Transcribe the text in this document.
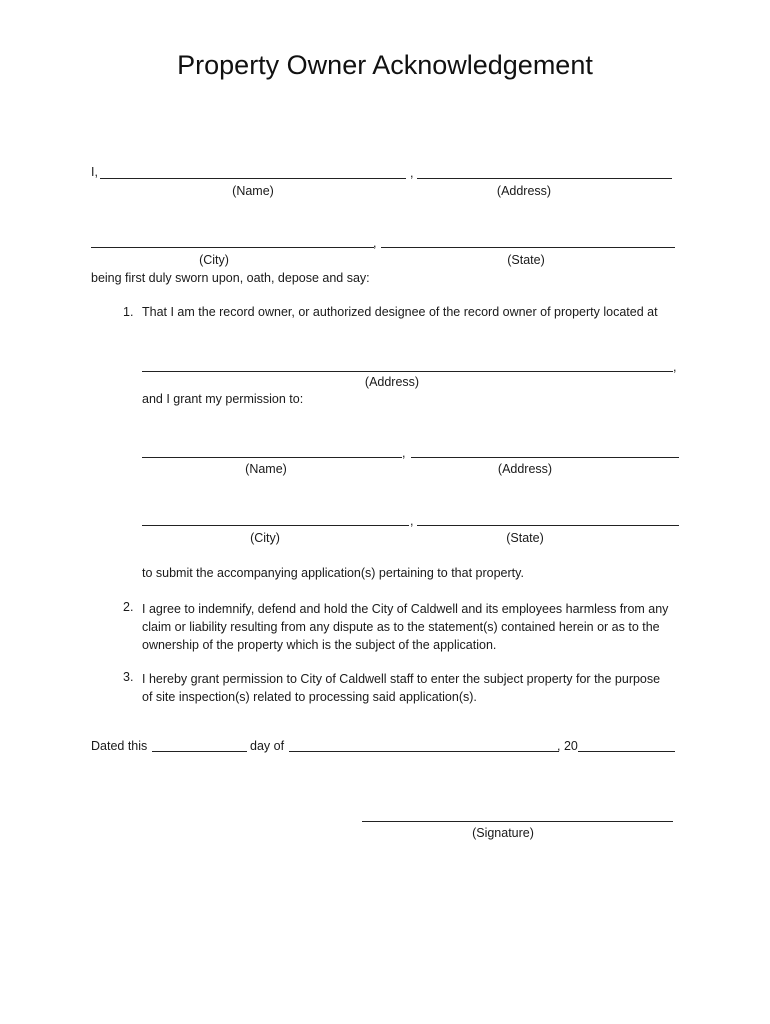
Property Owner Acknowledgement
I,	,
(Name)	(Address)
,
(City)	(State)
being first duly sworn upon, oath, depose and say:
1. That I am the record owner, or authorized designee of the record owner of property located at
,
(Address)
and I grant my permission to:
,
(Name)	(Address)
,
(City)	(State)
to submit the accompanying application(s) pertaining to that property.
2. I agree to indemnify, defend and hold the City of Caldwell and its employees harmless from any
claim or liability resulting from any dispute as to the statement(s) contained herein or as to the
ownership of the property which is the subject of the application.
3. I hereby grant permission to City of Caldwell staff to enter the subject property for the purpose
of site inspection(s) related to processing said application(s).
Dated this	day of	, 20
(Signature)
